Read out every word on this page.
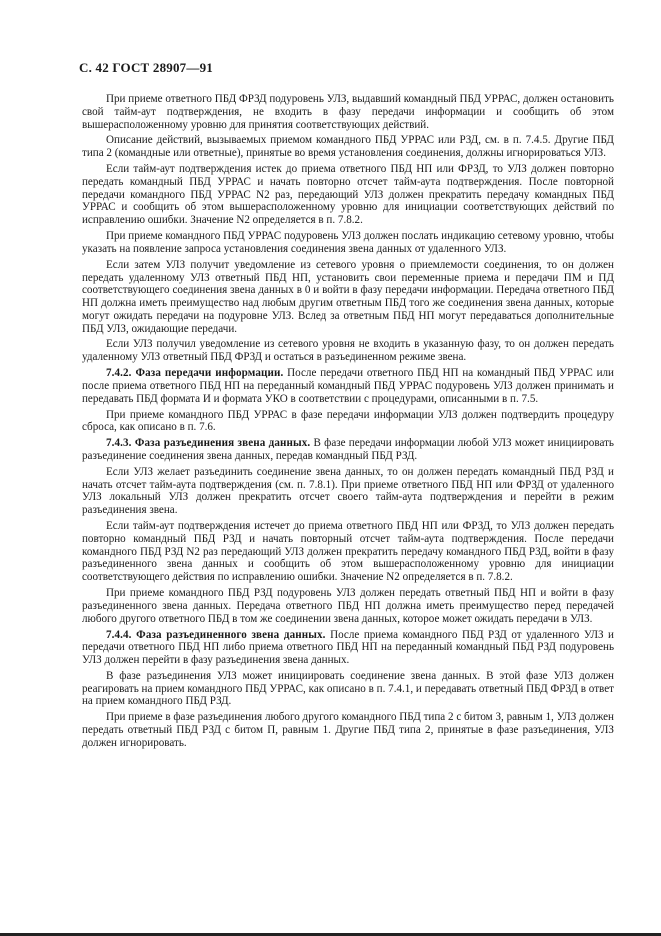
С. 42 ГОСТ 28907—91

При приеме ответного ПБД ФРЗД подуровень УЛЗ, выдавший командный ПБД УРРАС, должен остановить свой тайм-аут подтверждения, не входить в фазу передачи информации и сообщить об этом вышерасположенному уровню для принятия соответствующих действий.

Описание действий, вызываемых приемом командного ПБД УРРАС или РЗД, см. в п. 7.4.5. Другие ПБД типа 2 (командные или ответные), принятые во время установления соединения, должны игнорироваться УЛЗ.

Если тайм-аут подтверждения истек до приема ответного ПБД НП или ФРЗД, то УЛЗ должен повторно передать командный ПБД УРРАС и начать повторно отсчет тайм-аута подтверждения. После повторной передачи командного ПБД УРРАС N2 раз, передающий УЛЗ должен прекратить передачу командных ПБД УРРАС и сообщить об этом вышерасположенному уровню для инициации соответствующих действий по исправлению ошибки. Значение N2 определяется в п. 7.8.2.

При приеме командного ПБД УРРАС подуровень УЛЗ должен послать индикацию сетевому уровню, чтобы указать на появление запроса установления соединения звена данных от удаленного УЛЗ.

Если затем УЛЗ получит уведомление из сетевого уровня о приемлемости соединения, то он должен передать удаленному УЛЗ ответный ПБД НП, установить свои переменные приема и передачи ПМ и ПД соответствующего соединения звена данных в 0 и войти в фазу передачи информации. Передача ответного ПБД НП должна иметь преимущество над любым другим ответным ПБД того же соединения звена данных, которые могут ожидать передачи на подуровне УЛЗ. Вслед за ответным ПБД НП могут передаваться дополнительные ПБД УЛЗ, ожидающие передачи.

Если УЛЗ получил уведомление из сетевого уровня не входить в указанную фазу, то он должен передать удаленному УЛЗ ответный ПБД ФРЗД и остаться в разъединенном режиме звена.

7.4.2. Фаза передачи информации. После передачи ответного ПБД НП на командный ПБД УРРАС или после приема ответного ПБД НП на переданный командный ПБД УРРАС подуровень УЛЗ должен принимать и передавать ПБД формата И и формата УКО в соответствии с процедурами, описанными в п. 7.5.

При приеме командного ПБД УРРАС в фазе передачи информации УЛЗ должен подтвердить процедуру сброса, как описано в п. 7.6.

7.4.3. Фаза разъединения звена данных. В фазе передачи информации любой УЛЗ может инициировать разъединение соединения звена данных, передав командный ПБД РЗД.

Если УЛЗ желает разъединить соединение звена данных, то он должен передать командный ПБД РЗД и начать отсчет тайм-аута подтверждения (см. п. 7.8.1). При приеме ответного ПБД НП или ФРЗД от удаленного УЛЗ локальный УЛЗ должен прекратить отсчет своего тайм-аута подтверждения и перейти в режим разъединения звена.

Если тайм-аут подтверждения истечет до приема ответного ПБД НП или ФРЗД, то УЛЗ должен передать повторно командный ПБД РЗД и начать повторный отсчет тайм-аута подтверждения. После передачи командного ПБД РЗД N2 раз передающий УЛЗ должен прекратить передачу командного ПБД РЗД, войти в фазу разъединенного звена данных и сообщить об этом вышерасположенному уровню для инициации соответствующего действия по исправлению ошибки. Значение N2 определяется в п. 7.8.2.

При приеме командного ПБД РЗД подуровень УЛЗ должен передать ответный ПБД НП и войти в фазу разъединенного звена данных. Передача ответного ПБД НП должна иметь преимущество перед передачей любого другого ответного ПБД в том же соединении звена данных, которое может ожидать передачи в УЛЗ.

7.4.4. Фаза разъединенного звена данных. После приема командного ПБД РЗД от удаленного УЛЗ и передачи ответного ПБД НП либо приема ответного ПБД НП на переданный командный ПБД РЗД подуровень УЛЗ должен перейти в фазу разъединения звена данных.

В фазе разъединения УЛЗ может инициировать соединение звена данных. В этой фазе УЛЗ должен реагировать на прием командного ПБД УРРАС, как описано в п. 7.4.1, и передавать ответный ПБД ФРЗД в ответ на прием командного ПБД РЗД.

При приеме в фазе разъединения любого другого командного ПБД типа 2 с битом З, равным 1, УЛЗ должен передать ответный ПБД РЗД с битом П, равным 1. Другие ПБД типа 2, принятые в фазе разъединения, УЛЗ должен игнорировать.
